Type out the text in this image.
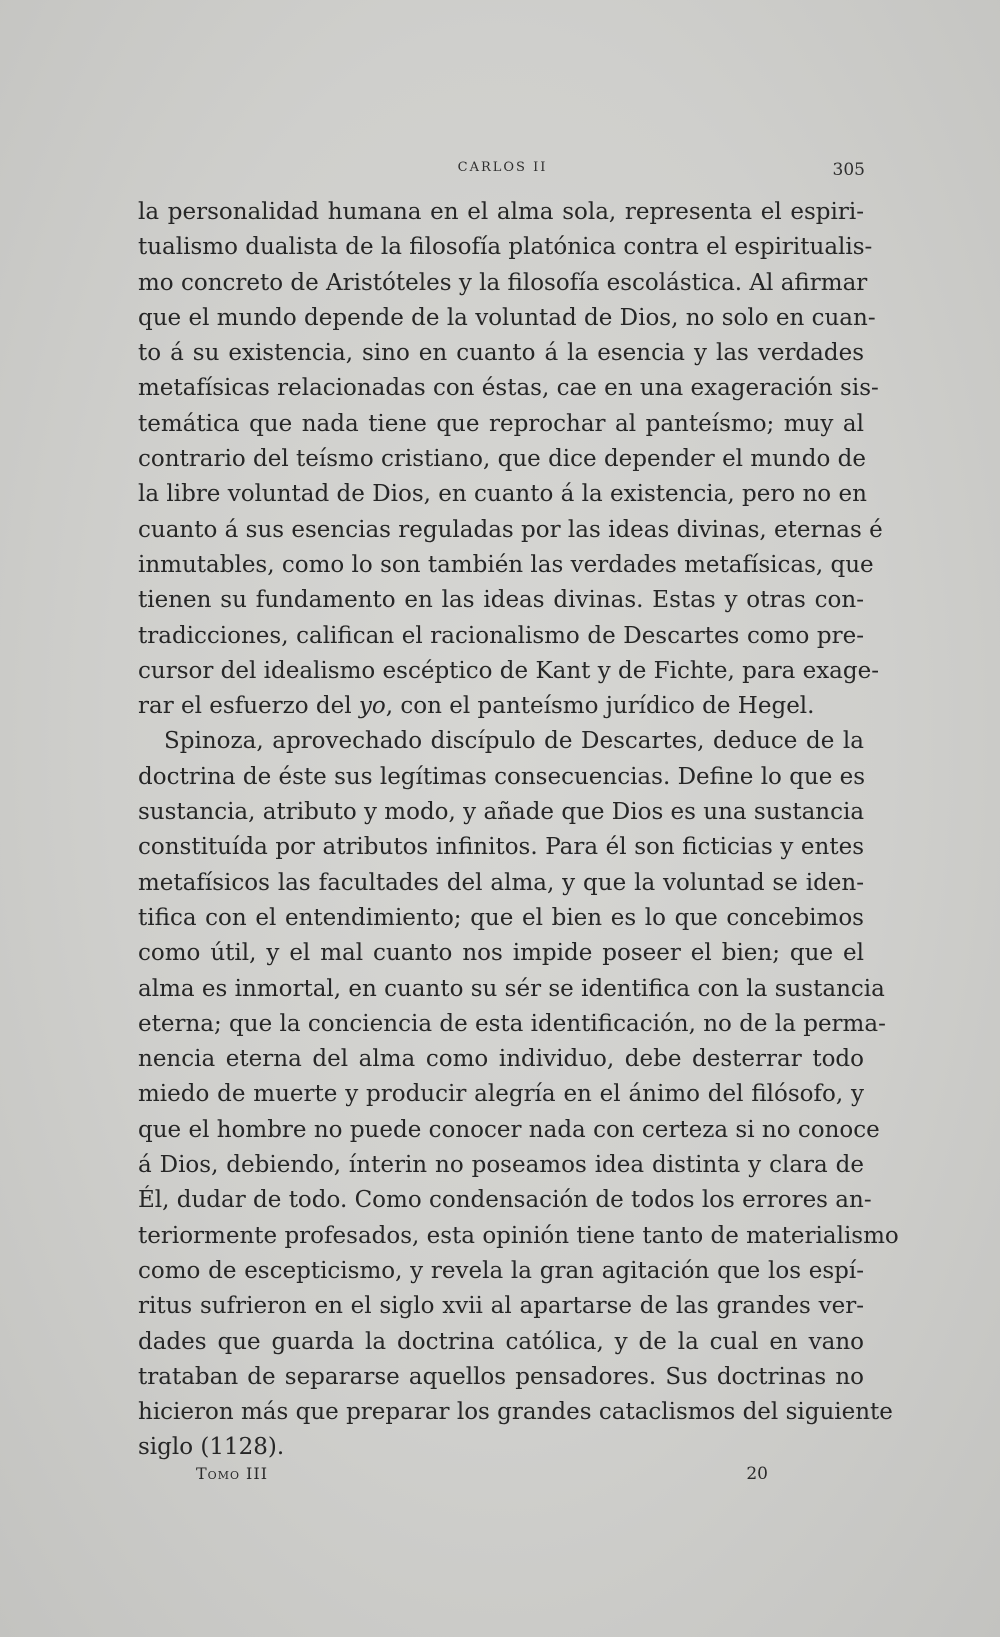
CARLOS II	305
la personalidad humana en el alma sola, representa el espiri-
tualismo dualista de la filosofía platónica contra el espiritualis-
mo concreto de Aristóteles y la filosofía escolástica. Al afirmar
que el mundo depende de la voluntad de Dios, no solo en cuan-
to á su existencia, sino en cuanto á la esencia y las verdades
metafísicas relacionadas con éstas, cae en una exageración sis-
temática que nada tiene que reprochar al panteísmo; muy al
contrario del teísmo cristiano, que dice depender el mundo de
la libre voluntad de Dios, en cuanto á la existencia, pero no en
cuanto á sus esencias reguladas por las ideas divinas, eternas é
inmutables, como lo son también las verdades metafísicas, que
tienen su fundamento en las ideas divinas. Estas y otras con-
tradicciones, califican el racionalismo de Descartes como pre-
cursor del idealismo escéptico de Kant y de Fichte, para exage-
rar el esfuerzo del yo, con el panteísmo jurídico de Hegel.
Spinoza, aprovechado discípulo de Descartes, deduce de la
doctrina de éste sus legítimas consecuencias. Define lo que es
sustancia, atributo y modo, y añade que Dios es una sustancia
constituída por atributos infinitos. Para él son ficticias y entes
metafísicos las facultades del alma, y que la voluntad se iden-
tifica con el entendimiento; que el bien es lo que concebimos
como útil, y el mal cuanto nos impide poseer el bien; que el
alma es inmortal, en cuanto su sér se identifica con la sustancia
eterna; que la conciencia de esta identificación, no de la perma-
nencia eterna del alma como individuo, debe desterrar todo
miedo de muerte y producir alegría en el ánimo del filósofo, y
que el hombre no puede conocer nada con certeza si no conoce
á Dios, debiendo, ínterin no poseamos idea distinta y clara de
Él, dudar de todo. Como condensación de todos los errores an-
teriormente profesados, esta opinión tiene tanto de materialismo
como de escepticismo, y revela la gran agitación que los espí-
ritus sufrieron en el siglo xvii al apartarse de las grandes ver-
dades que guarda la doctrina católica, y de la cual en vano
trataban de separarse aquellos pensadores. Sus doctrinas no
hicieron más que preparar los grandes cataclismos del siguiente
siglo (1128).
Tomo III	20
